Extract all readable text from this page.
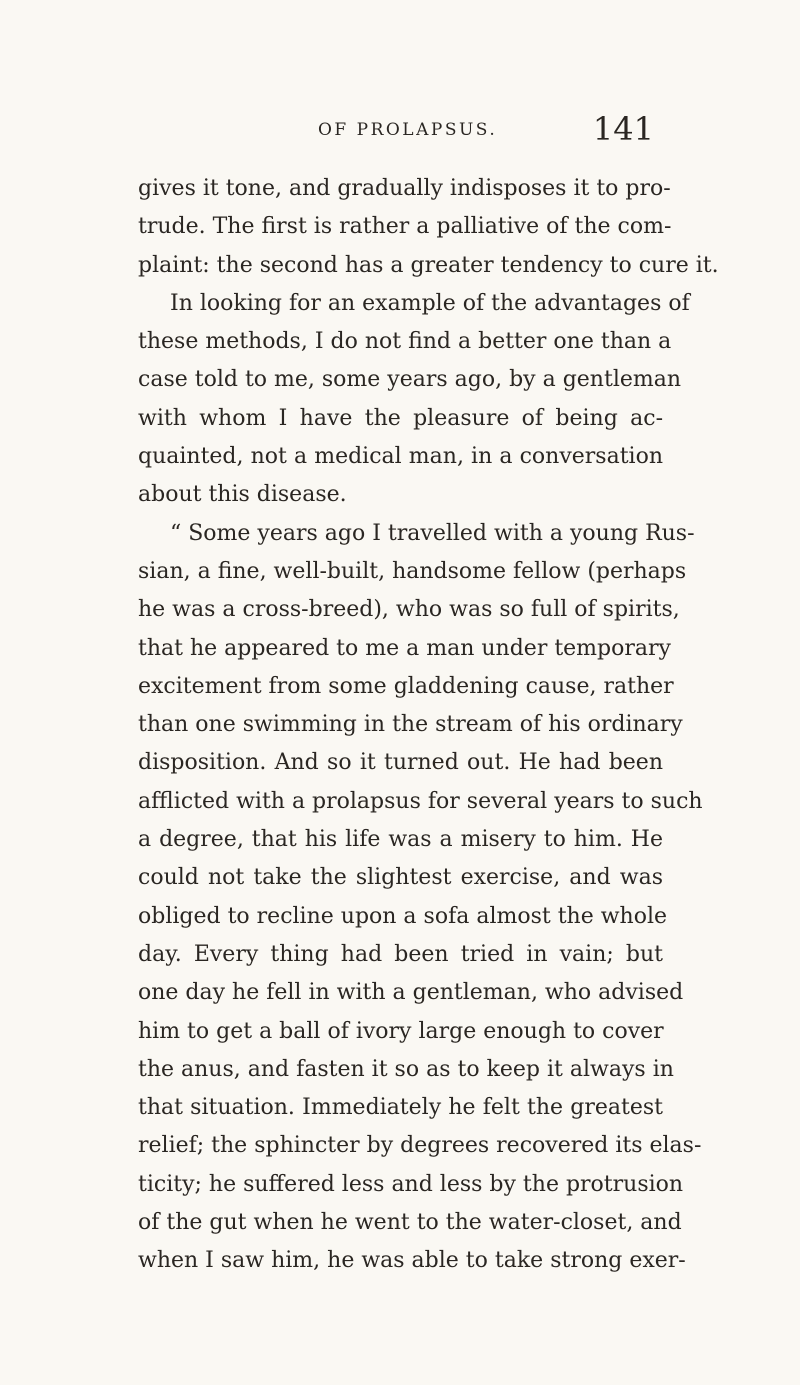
OF PROLAPSUS.	141
gives it tone, and gradually indisposes it to pro-
trude. The first is rather a palliative of the com-
plaint: the second has a greater tendency to cure it.
In looking for an example of the advantages of
these methods, I do not find a better one than a
case told to me, some years ago, by a gentleman
with whom I have the pleasure of being ac-
quainted, not a medical man, in a conversation
about this disease.
“ Some years ago I travelled with a young Rus-
sian, a fine, well-built, handsome fellow (perhaps
he was a cross-breed), who was so full of spirits,
that he appeared to me a man under temporary
excitement from some gladdening cause, rather
than one swimming in the stream of his ordinary
disposition. And so it turned out. He had been
afflicted with a prolapsus for several years to such
a degree, that his life was a misery to him. He
could not take the slightest exercise, and was
obliged to recline upon a sofa almost the whole
day. Every thing had been tried in vain; but
one day he fell in with a gentleman, who advised
him to get a ball of ivory large enough to cover
the anus, and fasten it so as to keep it always in
that situation. Immediately he felt the greatest
relief; the sphincter by degrees recovered its elas-
ticity; he suffered less and less by the protrusion
of the gut when he went to the water-closet, and
when I saw him, he was able to take strong exer-
